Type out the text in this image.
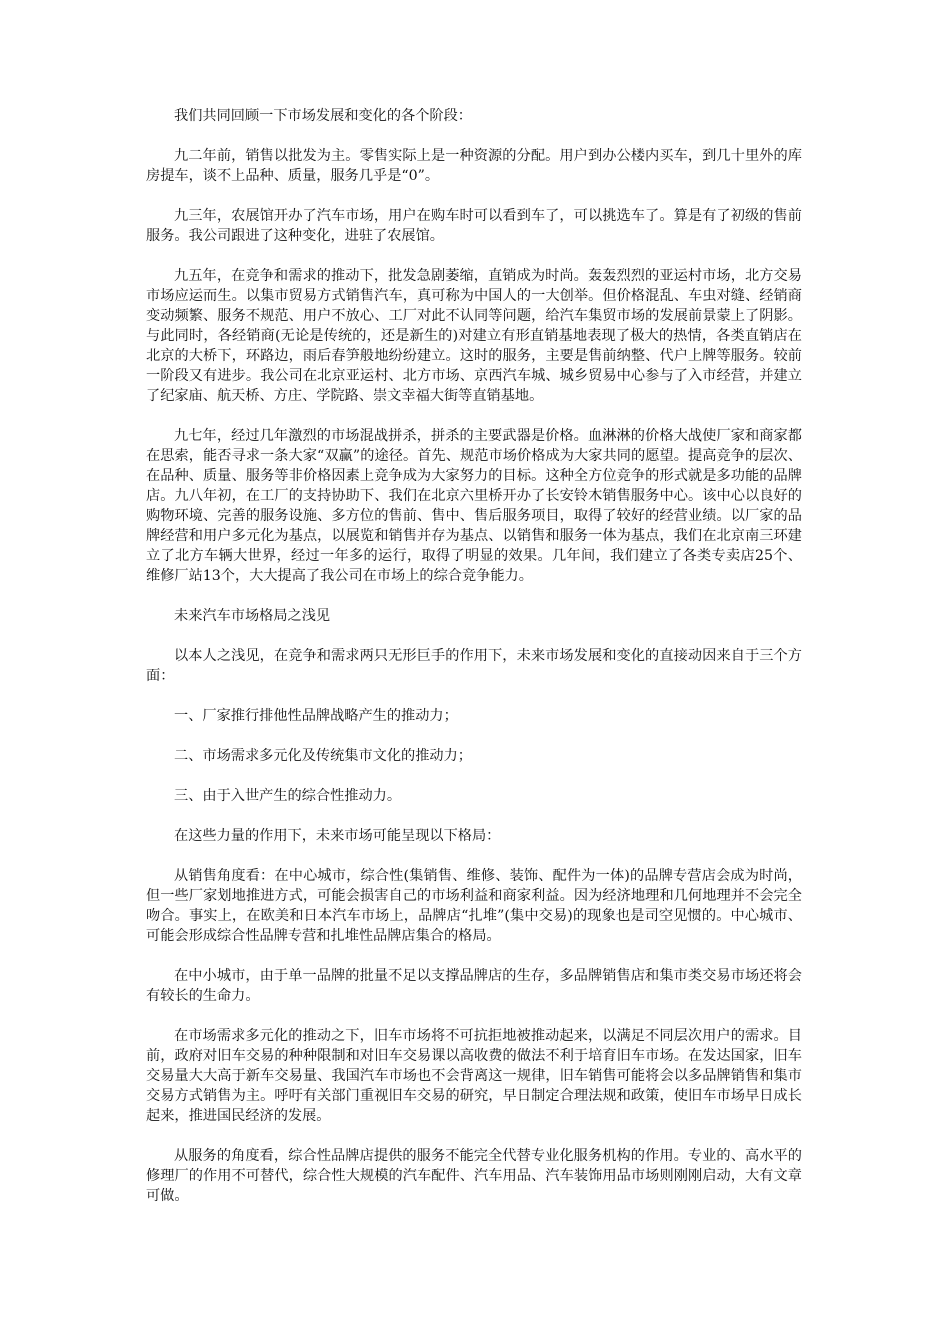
我们共同回顾一下市场发展和变化的各个阶段：

九二年前，销售以批发为主。零售实际上是一种资源的分配。用户到办公楼内买车，到几十里外的库房提车，谈不上品种、质量，服务几乎是“0”。

九三年，农展馆开办了汽车市场，用户在购车时可以看到车了，可以挑选车了。算是有了初级的售前服务。我公司跟进了这种变化，进驻了农展馆。

九五年，在竞争和需求的推动下，批发急剧萎缩，直销成为时尚。轰轰烈烈的亚运村市场，北方交易市场应运而生。以集市贸易方式销售汽车，真可称为中国人的一大创举。但价格混乱、车虫对缝、经销商变动频繁、服务不规范、用户不放心、工厂对此不认同等问题，给汽车集贸市场的发展前景蒙上了阴影。与此同时，各经销商(无论是传统的，还是新生的)对建立有形直销基地表现了极大的热情，各类直销店在北京的大桥下，环路边，雨后春笋般地纷纷建立。这时的服务，主要是售前纳整、代户上牌等服务。较前一阶段又有进步。我公司在北京亚运村、北方市场、京西汽车城、城乡贸易中心参与了入市经营，并建立了纪家庙、航天桥、方庄、学院路、崇文幸福大街等直销基地。

九七年，经过几年激烈的市场混战拼杀，拼杀的主要武器是价格。血淋淋的价格大战使厂家和商家都在思索，能否寻求一条大家“双赢”的途径。首先、规范市场价格成为大家共同的愿望。提高竞争的层次、在品种、质量、服务等非价格因素上竞争成为大家努力的目标。这种全方位竞争的形式就是多功能的品牌店。九八年初，在工厂的支持协助下、我们在北京六里桥开办了长安铃木销售服务中心。该中心以良好的购物环境、完善的服务设施、多方位的售前、售中、售后服务项目，取得了较好的经营业绩。以厂家的品牌经营和用户多元化为基点，以展览和销售并存为基点、以销售和服务一体为基点，我们在北京南三环建立了北方车辆大世界，经过一年多的运行，取得了明显的效果。几年间，我们建立了各类专卖店25个、维修厂站13个，大大提高了我公司在市场上的综合竞争能力。

未来汽车市场格局之浅见

以本人之浅见，在竞争和需求两只无形巨手的作用下，未来市场发展和变化的直接动因来自于三个方面：

一、厂家推行排他性品牌战略产生的推动力；

二、市场需求多元化及传统集市文化的推动力；

三、由于入世产生的综合性推动力。

在这些力量的作用下，未来市场可能呈现以下格局：

从销售角度看：在中心城市，综合性(集销售、维修、装饰、配件为一体)的品牌专营店会成为时尚，但一些厂家划地推进方式，可能会损害自己的市场利益和商家利益。因为经济地理和几何地理并不会完全吻合。事实上，在欧美和日本汽车市场上，品牌店“扎堆”(集中交易)的现象也是司空见惯的。中心城市、可能会形成综合性品牌专营和扎堆性品牌店集合的格局。

在中小城市，由于单一品牌的批量不足以支撑品牌店的生存，多品牌销售店和集市类交易市场还将会有较长的生命力。

在市场需求多元化的推动之下，旧车市场将不可抗拒地被推动起来，以满足不同层次用户的需求。目前，政府对旧车交易的种种限制和对旧车交易课以高收费的做法不利于培育旧车市场。在发达国家，旧车交易量大大高于新车交易量、我国汽车市场也不会背离这一规律，旧车销售可能将会以多品牌销售和集市交易方式销售为主。呼吁有关部门重视旧车交易的研究，早日制定合理法规和政策，使旧车市场早日成长起来，推进国民经济的发展。

从服务的角度看，综合性品牌店提供的服务不能完全代替专业化服务机构的作用。专业的、高水平的修理厂的作用不可替代，综合性大规模的汽车配件、汽车用品、汽车装饰用品市场则刚刚启动，大有文章可做。
